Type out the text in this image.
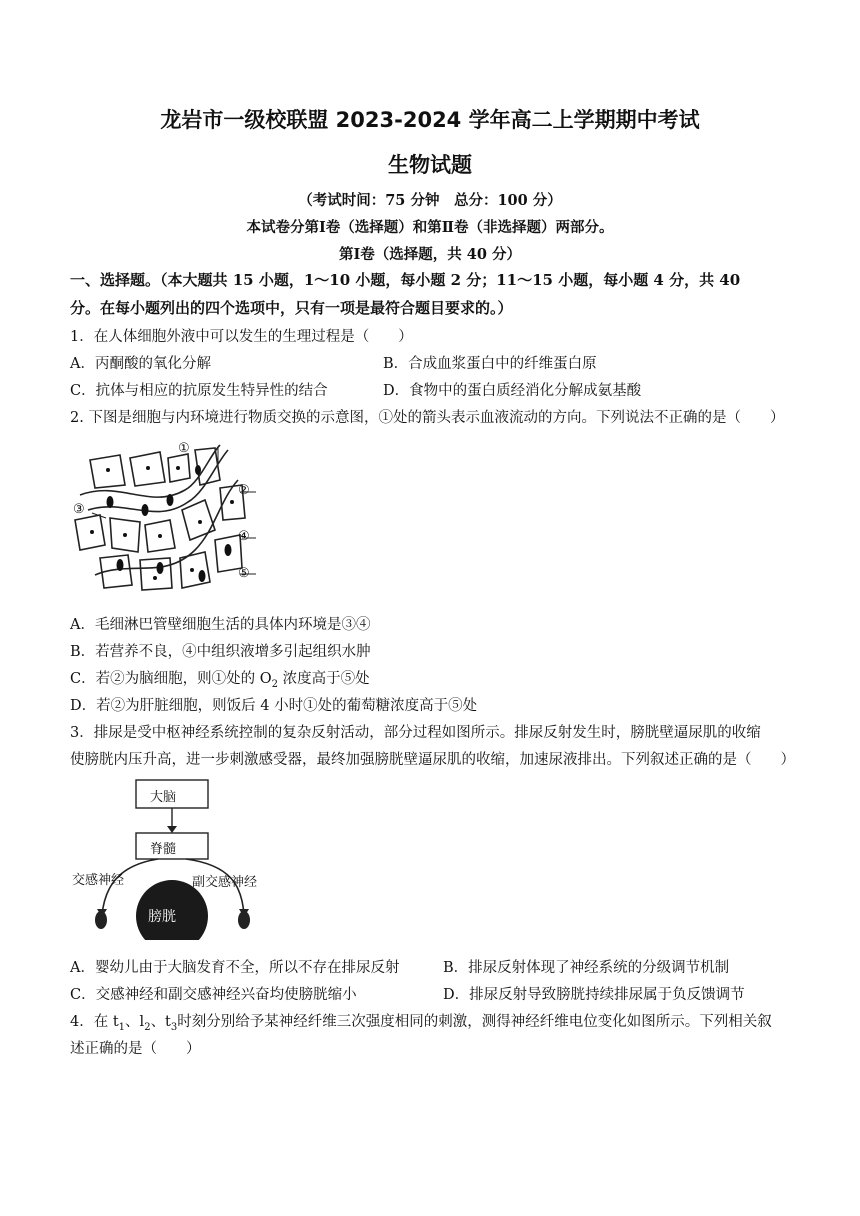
龙岩市一级校联盟 2023-2024 学年高二上学期期中考试
生物试题
（考试时间：75 分钟　总分：100 分）
本试卷分第Ⅰ卷（选择题）和第Ⅱ卷（非选择题）两部分。
第Ⅰ卷（选择题，共 40 分）
一、选择题。（本大题共 15 小题，1～10 小题，每小题 2 分；11～15 小题，每小题 4 分，共 40
分。在每小题列出的四个选项中，只有一项是最符合题目要求的。）
1．在人体细胞外液中可以发生的生理过程是（　　）
A．丙酮酸的氧化分解	B．合成血浆蛋白中的纤维蛋白原
C．抗体与相应的抗原发生特异性的结合	D．食物中的蛋白质经消化分解成氨基酸
2. 下图是细胞与内环境进行物质交换的示意图，①处的箭头表示血液流动的方向。下列说法不正确的是（　　）
①
②
③
④
⑤
A．毛细淋巴管壁细胞生活的具体内环境是③④
B．若营养不良，④中组织液增多引起组织水肿
C．若②为脑细胞，则①处的 $O_2$ 浓度高于⑤处
D．若②为肝脏细胞，则饭后 4 小时①处的葡萄糖浓度高于⑤处
3．排尿是受中枢神经系统控制的复杂反射活动，部分过程如图所示。排尿反射发生时，膀胱壁逼尿肌的收缩
使膀胱内压升高，进一步刺激感受器，最终加强膀胱壁逼尿肌的收缩，加速尿液排出。下列叙述正确的是（　　）
大脑
脊髓
交感神经	副交感神经
膀胱
A．婴幼儿由于大脑发育不全，所以不存在排尿反射	B．排尿反射体现了神经系统的分级调节机制
C．交感神经和副交感神经兴奋均使膀胱缩小	D．排尿反射导致膀胱持续排尿属于负反馈调节
4．在 $t_1$、$l_2$、$t_3$时刻分别给予某神经纤维三次强度相同的刺激，测得神经纤维电位变化如图所示。下列相关叙
述正确的是（　　）
